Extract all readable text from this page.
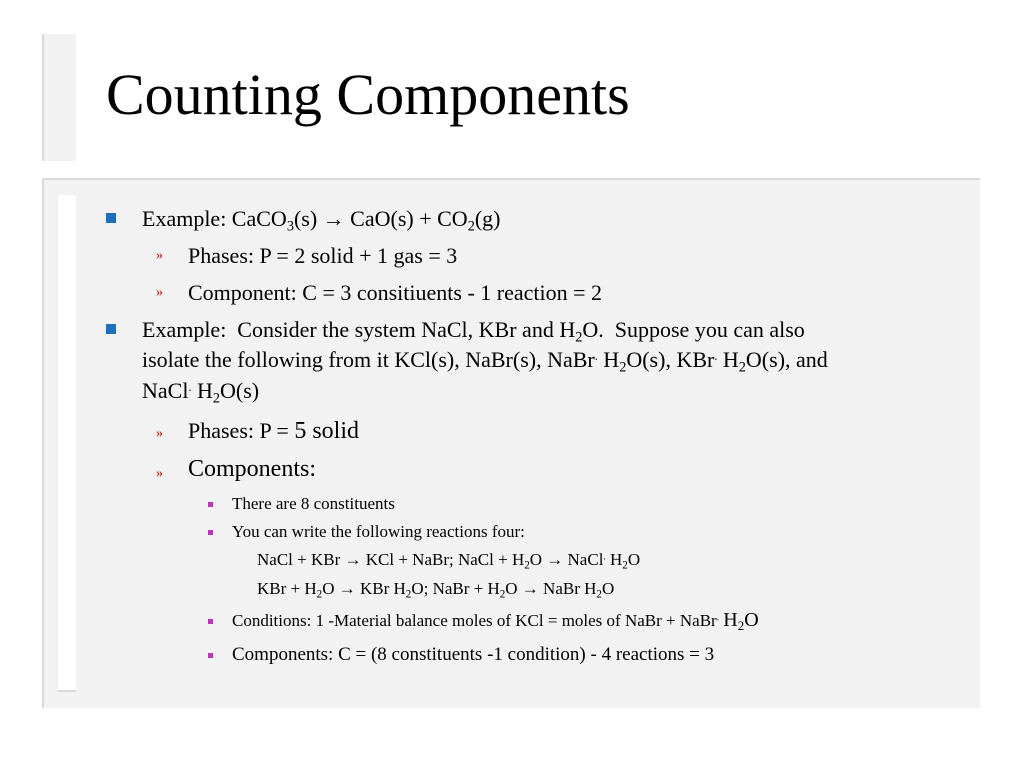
Counting Components
Example: CaCO$_3$(s) → $CaO(s) + CO_2(g)$
» Phases: P = 2 solid + 1 gas = 3
» Component: C = 3 consitiuents - 1 reaction = 2
Example:  Consider the system NaCl, KBr and $H_2O$.  Suppose you can also
isolate the following from it KCl(s), NaBr(s), NaBr. $H_2O(s)$, KBr. $H_2O(s)$, and
NaCl. $H_2O(s)$
» Phases: P = 5 solid
» Components:
There are 8 constituents
You can write the following reactions four:
NaCl + KBr → KCl + NaBr; NaCl + $H_2O$ → NaCl. $H_2O$
KBr + $H_2O$ → KBr $H_2O$; NaBr + $H_2O$ → NaBr $H_2O$
Conditions: 1 -Material balance moles of KCl = moles of NaBr + NaBr. $H_2O$
Components: C = (8 constituents -1 condition) - 4 reactions = 3
